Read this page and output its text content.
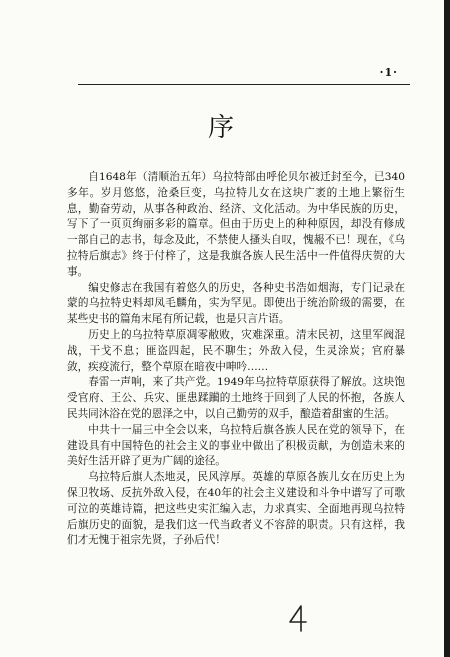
·1·
序

自1648年（清顺治五年）乌拉特部由呼伦贝尔被迁封至今，已340多年。岁月悠悠，沧桑巨变，乌拉特儿女在这块广袤的土地上繁衍生息，勤奋劳动，从事各种政治、经济、文化活动。为中华民族的历史，写下了一页页绚丽多彩的篇章。但由于历史上的种种原因，却没有修成一部自己的志书，每念及此，不禁使人搔头自叹，愧赧不已！现在，《乌拉特后旗志》终于付梓了，这是我旗各族人民生活中一件值得庆贺的大事。

编史修志在我国有着悠久的历史，各种史书浩如烟海，专门记录在蒙的乌拉特史料却凤毛麟角，实为罕见。即使出于统治阶级的需要，在某些史书的篇角末尾有所记载，也是只言片语。

历史上的乌拉特草原凋零敝败，灾难深重。清末民初，这里军阀混战，干戈不息；匪盗四起，民不聊生；外敌入侵，生灵涂炭；官府暴敛，疾疫流行，整个草原在暗夜中呻吟……

春雷一声响，来了共产党。1949年乌拉特草原获得了解放。这块饱受官府、王公、兵灾、匪患蹂躏的土地终于回到了人民的怀抱，各族人民共同沐浴在党的恩泽之中，以自己勤劳的双手，酿造着甜蜜的生活。

中共十一届三中全会以来，乌拉特后旗各族人民在党的领导下，在建设具有中国特色的社会主义的事业中做出了积极贡献，为创造未来的美好生活开辟了更为广阔的途径。

乌拉特后旗人杰地灵，民风淳厚。英雄的草原各族儿女在历史上为保卫牧场、反抗外敌入侵，在40年的社会主义建设和斗争中谱写了可歌可泣的英雄诗篇，把这些史实汇编入志，力求真实、全面地再现乌拉特后旗历史的面貌，是我们这一代当政者义不容辞的职责。只有这样，我们才无愧于祖宗先贤，子孙后代！
